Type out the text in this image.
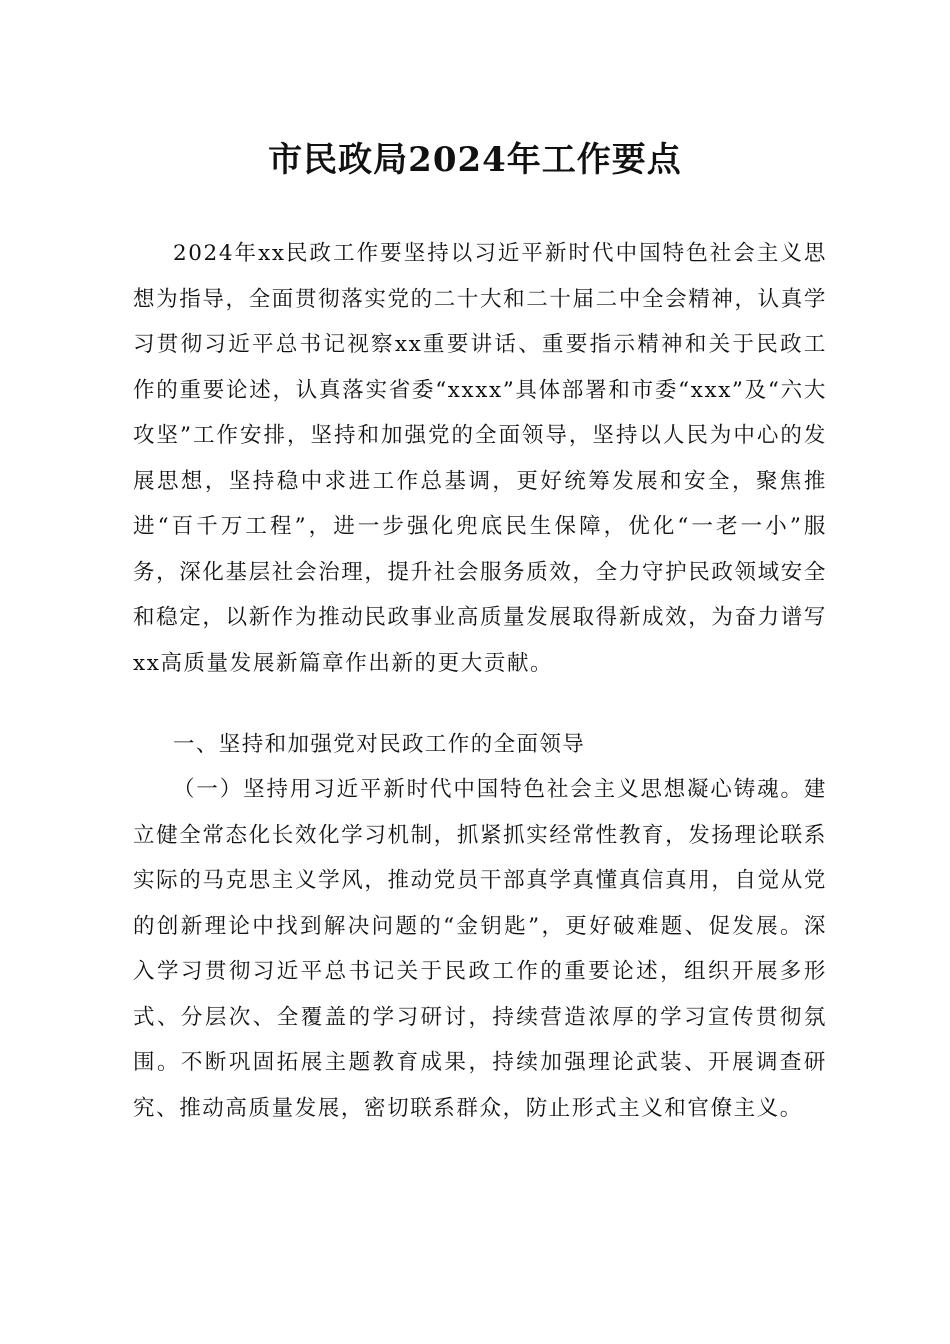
市民政局2024年工作要点

2024年xx民政工作要坚持以习近平新时代中国特色社会主义思想为指导，全面贯彻落实党的二十大和二十届二中全会精神，认真学习贯彻习近平总书记视察xx重要讲话、重要指示精神和关于民政工作的重要论述，认真落实省委“xxxx”具体部署和市委“xxx”及“六大攻坚”工作安排，坚持和加强党的全面领导，坚持以人民为中心的发展思想，坚持稳中求进工作总基调，更好统筹发展和安全，聚焦推进“百千万工程”，进一步强化兜底民生保障，优化“一老一小”服务，深化基层社会治理，提升社会服务质效，全力守护民政领域安全和稳定，以新作为推动民政事业高质量发展取得新成效，为奋力谱写xx高质量发展新篇章作出新的更大贡献。

一、坚持和加强党对民政工作的全面领导

（一）坚持用习近平新时代中国特色社会主义思想凝心铸魂。建立健全常态化长效化学习机制，抓紧抓实经常性教育，发扬理论联系实际的马克思主义学风，推动党员干部真学真懂真信真用，自觉从党的创新理论中找到解决问题的“金钥匙”，更好破难题、促发展。深入学习贯彻习近平总书记关于民政工作的重要论述，组织开展多形式、分层次、全覆盖的学习研讨，持续营造浓厚的学习宣传贯彻氛围。不断巩固拓展主题教育成果，持续加强理论武装、开展调查研究、推动高质量发展，密切联系群众，防止形式主义和官僚主义。
